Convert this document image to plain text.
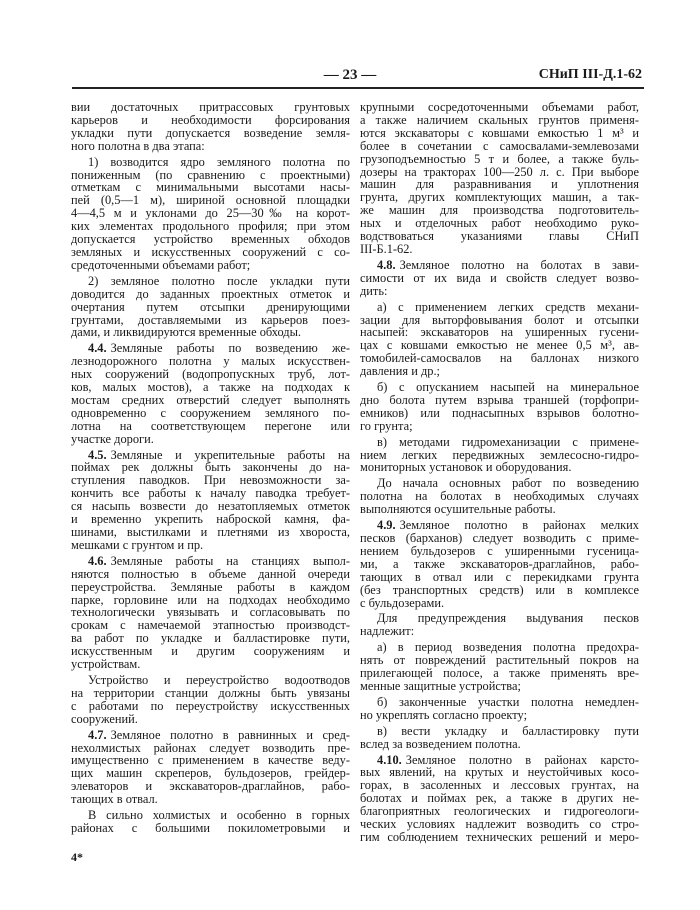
— 23 —	СНиП III-Д.1-62
вии достаточных притрассовых грунтовых
карьеров и необходимости форсирования
укладки пути допускается возведение земля-
ного полотна в два этапа:
1) возводится ядро земляного полотна по
пониженным (по сравнению с проектными)
отметкам с минимальными высотами насы-
пей (0,5—1 м), шириной основной площадки
4—4,5 м и уклонами до 25—30‰ на корот-
ких элементах продольного профиля; при этом
допускается устройство временных обходов
земляных и искусственных сооружений с со-
средоточенными объемами работ;
2) земляное полотно после укладки пути
доводится до заданных проектных отметок и
очертания путем отсыпки дренирующими
грунтами, доставляемыми из карьеров поез-
дами, и ликвидируются временные обходы.
4.4. Земляные работы по возведению же-
лезнодорожного полотна у малых искусствен-
ных сооружений (водопропускных труб, лот-
ков, малых мостов), а также на подходах к
мостам средних отверстий следует выполнять
одновременно с сооружением земляного по-
лотна на соответствующем перегоне или
участке дороги.
4.5. Земляные и укрепительные работы на
поймах рек должны быть закончены до на-
ступления паводков. При невозможности за-
кончить все работы к началу паводка требует-
ся насыпь возвести до незатопляемых отметок
и временно укрепить наброской камня, фа-
шинами, выстилками и плетнями из хвороста,
мешками с грунтом и пр.
4.6. Земляные работы на станциях выпол-
няются полностью в объеме данной очереди
переустройства. Земляные работы в каждом
парке, горловине или на подходах необходимо
технологически увязывать и согласовывать по
срокам с намечаемой этапностью производст-
ва работ по укладке и балластировке пути,
искусственным и другим сооружениям и
устройствам.
Устройство и переустройство водоотводов
на территории станции должны быть увязаны
с работами по переустройству искусственных
сооружений.
4.7. Земляное полотно в равнинных и сред-
нехолмистых районах следует возводить пре-
имущественно с применением в качестве веду-
щих машин скреперов, бульдозеров, грейдер-
элеваторов и экскаваторов-драглайнов, рабо-
тающих в отвал.
В сильно холмистых и особенно в горных
районах с большими покилометровыми и
крупными сосредоточенными объемами работ,
а также наличием скальных грунтов применя-
ются экскаваторы с ковшами емкостью 1 м³ и
более в сочетании с самосвалами-землевозами
грузоподъемностью 5 т и более, а также буль-
дозеры на тракторах 100—250 л. с. При выборе
машин для разравнивания и уплотнения
грунта, других комплектующих машин, а так-
же машин для производства подготовитель-
ных и отделочных работ необходимо руко-
водствоваться указаниями главы СНиП
III-Б.1-62.
4.8. Земляное полотно на болотах в зави-
симости от их вида и свойств следует возво-
дить:
а) с применением легких средств механи-
зации для выторфовывания болот и отсыпки
насыпей: экскаваторов на уширенных гусени-
цах с ковшами емкостью не менее 0,5 м³, ав-
томобилей-самосвалов на баллонах низкого
давления и др.;
б) с опусканием насыпей на минеральное
дно болота путем взрыва траншей (торфопри-
емников) или поднасыпных взрывов болотно-
го грунта;
в) методами гидромеханизации с примене-
нием легких передвижных землесосно-гидро-
мониторных установок и оборудования.
До начала основных работ по возведению
полотна на болотах в необходимых случаях
выполняются осушительные работы.
4.9. Земляное полотно в районах мелких
песков (барханов) следует возводить с приме-
нением бульдозеров с уширенными гусеница-
ми, а также экскаваторов-драглайнов, рабо-
тающих в отвал или с перекидками грунта
(без транспортных средств) или в комплексе
с бульдозерами.
Для предупреждения выдувания песков
надлежит:
а) в период возведения полотна предохра-
нять от повреждений растительный покров на
прилегающей полосе, а также применять вре-
менные защитные устройства;
б) законченные участки полотна немедлен-
но укреплять согласно проекту;
в) вести укладку и балластировку пути
вслед за возведением полотна.
4.10. Земляное полотно в районах карсто-
вых явлений, на крутых и неустойчивых косо-
горах, в засоленных и лессовых грунтах, на
болотах и поймах рек, а также в других не-
благоприятных геологических и гидрогеологи-
ческих условиях надлежит возводить со стро-
гим соблюдением технических решений и меро-
4*
